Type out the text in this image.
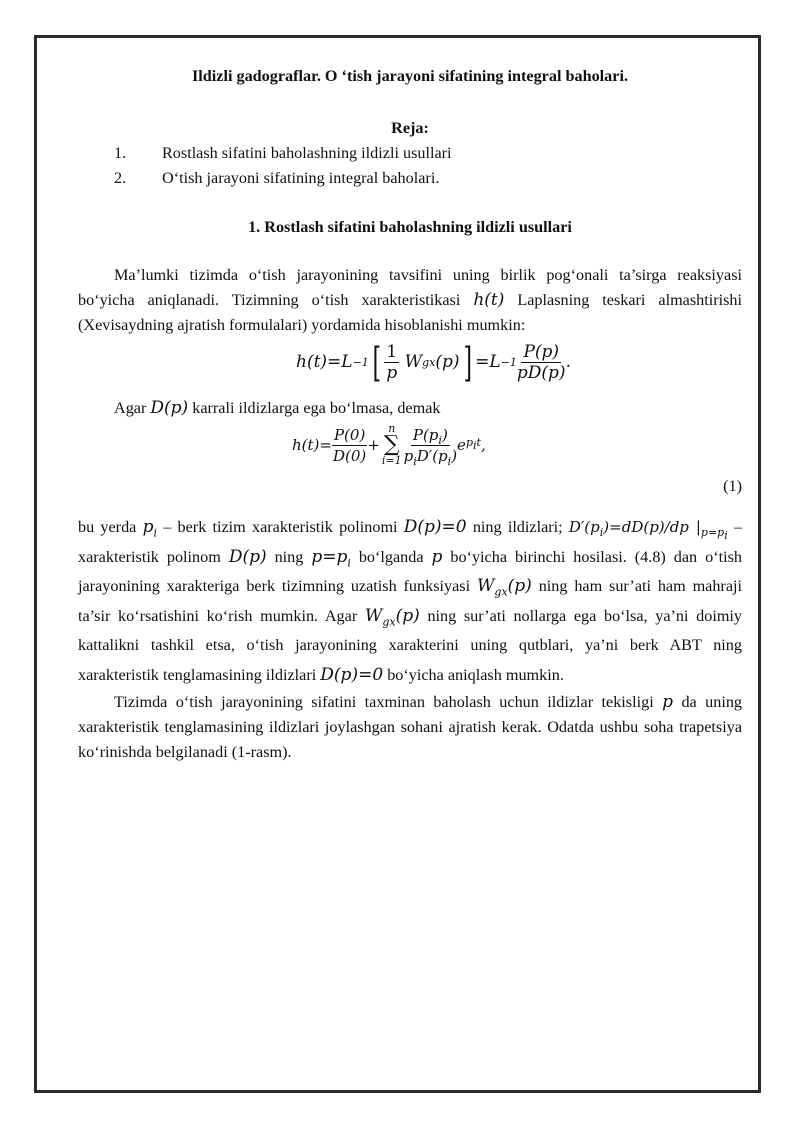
Ildizli gadograflar. O ‘tish jarayoni sifatining integral baholari.
Reja:
1.	Rostlash sifatini baholashning ildizli usullari
2.	O‘tish jarayoni sifatining integral baholari.
1. Rostlash sifatini baholashning ildizli usullari

Ma’lumki tizimda o‘tish jarayonining tavsifini uning birlik pog‘onali ta’sirga reaksiyasi bo‘yicha aniqlanadi. Tizimning o‘tish xarakteristikasi h(t) Laplasning teskari almashtirishi (Xevisaydning ajratish formulalari) yordamida hisoblanishi mumkin:

h(t)=L −1 [ $\frac{1}{p}$ W gx (p) ] $=L -1 \frac{P(p)}{pD(p)}$ .

Agar D(p) karrali ildizlarga ega bo‘lmasa, demak

$h(t)= \frac{P(0)}{D(0)}$ +
n
∑
$i=1 \frac{P(p_i)}{p_iD'(p_i)}$ e $p_it$ ,
(1)

bu yerda $p_i$ – berk tizim xarakteristik polinomi D(p)=0 ning ildizlari; $D'(p_i)=dD(p)/dp$ $|_{p=p_i}$ – xarakteristik polinom D(p) ning $p=p_i$ bo‘lganda p bo‘yicha birinchi hosilasi. (4.8) dan o‘tish jarayonining xarakteriga berk tizimning uzatish funksiyasi $W_{gx}(p)$ ning ham sur’ati ham mahraji ta’sir ko‘rsatishini ko‘rish mumkin. Agar $W_{gx}(p)$ ning sur’ati nollarga ega bo‘lsa, ya’ni doimiy kattalikni tashkil etsa, o‘tish jarayonining xarakterini uning qutblari, ya’ni berk ABT ning xarakteristik tenglamasining ildizlari D(p)=0 bo‘yicha aniqlash mumkin.

Tizimda o‘tish jarayonining sifatini taxminan baholash uchun ildizlar tekisligi p da uning xarakteristik tenglamasining ildizlari joylashgan sohani ajratish kerak. Odatda ushbu soha trapetsiya ko‘rinishda belgilanadi (1-rasm).
